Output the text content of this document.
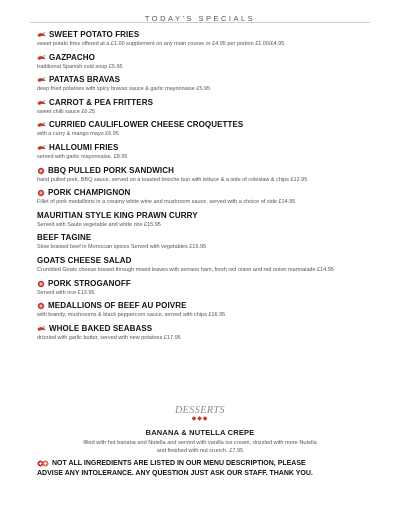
TODAY'S SPECIALS
SWEET POTATO FRIES
sweet potato fries offered at a £1.00 supplement on any main course or £4.95 per portion £1.00/£4.95
GAZPACHO
traditional Spanish cold soup £5.95
PATATAS BRAVAS
deep fried potatoes with spicy bravas sauce & garlic mayonnaise £5.95
CARROT & PEA FRITTERS
sweet chilli sauce £6.25
CURRIED CAULIFLOWER CHEESE CROQUETTES
with a curry & mango mayo £6.95
HALLOUMI FRIES
served with garlic mayonnaise. £8.95
BBQ PULLED PORK SANDWICH
hand pulled pork, BBQ sauce, served on a toasted brioche bun with lettuce & a side of coleslaw & chips £12.95
PORK CHAMPIGNON
Fillet of pork medallions in a creamy white wine and mushroom sauce, served with a choice of side £14.95
MAURITIAN STYLE KING PRAWN CURRY
Served with Saute vegetable and white rice £15.95
BEEF TAGINE
Slow braised beef in Moroccan spices Served with vegetables £15.95
GOATS CHEESE SALAD
Crumbled Goats cheese tossed through mixed leaves with serrano ham, fresh red onion and red onion marmalade £14.95
PORK STROGANOFF
Served with rice £13.95
MEDALLIONS OF BEEF AU POIVRE
with brandy, mushrooms & black peppercorn sauce, served with chips £16.95
WHOLE BAKED SEABASS
drizzled with garlic butter, served with new potatoes £17.95
DESSERTS
◆◆◆
BANANA & NUTELLA CREPE
filled with hot banana and Nutella and served with vanilla ice cream, drizzled with more Nutella and finished with nut crunch. £7.95
NOT ALL INGREDIENTS ARE LISTED IN OUR MENU DESCRIPTION, PLEASE ADVISE ANY INTOLERANCE. ANY QUESTION JUST ASK OUR STAFF. THANK YOU.
